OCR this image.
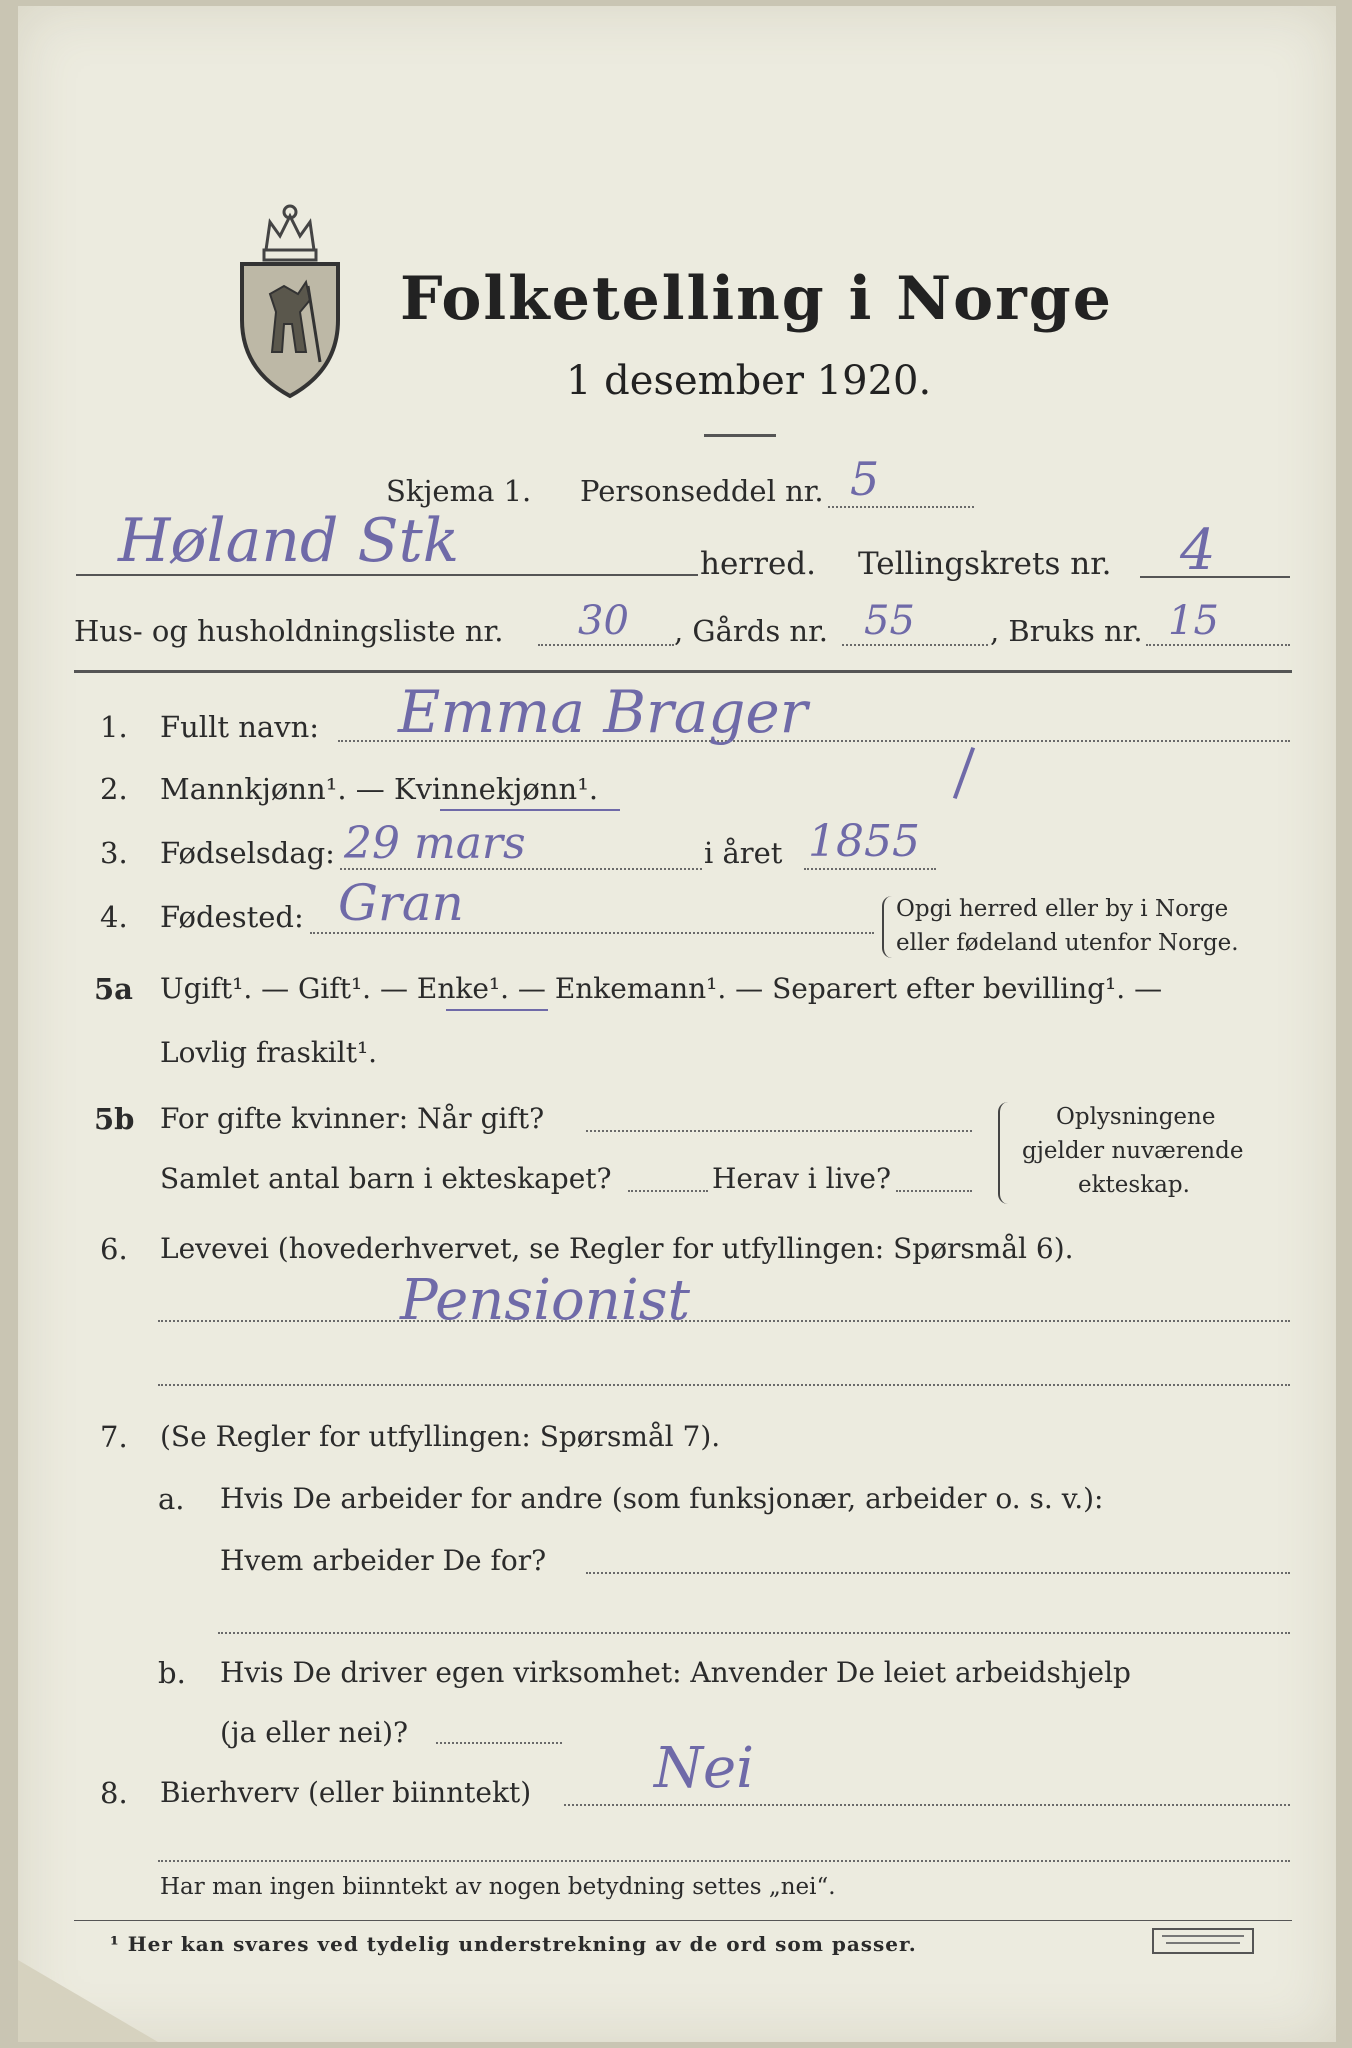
Folketelling i Norge
1 desember 1920.
Skjema 1. Personseddel nr. 5
Høland Stk	herred. Tellingskrets nr. 4
Hus- og husholdningsliste nr. 30 , Gårds nr. 55	, Bruks nr. 15
1. Fullt navn: Emma Brager
2. Mannkjønn¹. — Kvinnekjønn¹.
3. Fødselsdag: 29 mars	i året 1855
4. Fødested: Gran	Opgi herred eller by i Norge
eller fødeland utenfor Norge.
5a Ugift¹. — Gift¹. — Enke¹. — Enkemann¹. — Separert efter bevilling¹. —
Lovlig fraskilt¹.
5b For gifte kvinner: Når gift?
Samlet antal barn i ekteskapet?	Herav i live?
Oplysningene
gjelder nuværende
ekteskap.
6. Levevei (hovederhvervet, se Regler for utfyllingen: Spørsmål 6).
Pensionist
7. (Se Regler for utfyllingen: Spørsmål 7).
a. Hvis De arbeider for andre (som funksjonær, arbeider o. s. v.):
Hvem arbeider De for?
b. Hvis De driver egen virksomhet: Anvender De leiet arbeidshjelp
(ja eller nei)?
8. Bierhverv (eller biinntekt) Nei
Har man ingen biinntekt av nogen betydning settes „nei“.
¹ Her kan svares ved tydelig understrekning av de ord som passer.
